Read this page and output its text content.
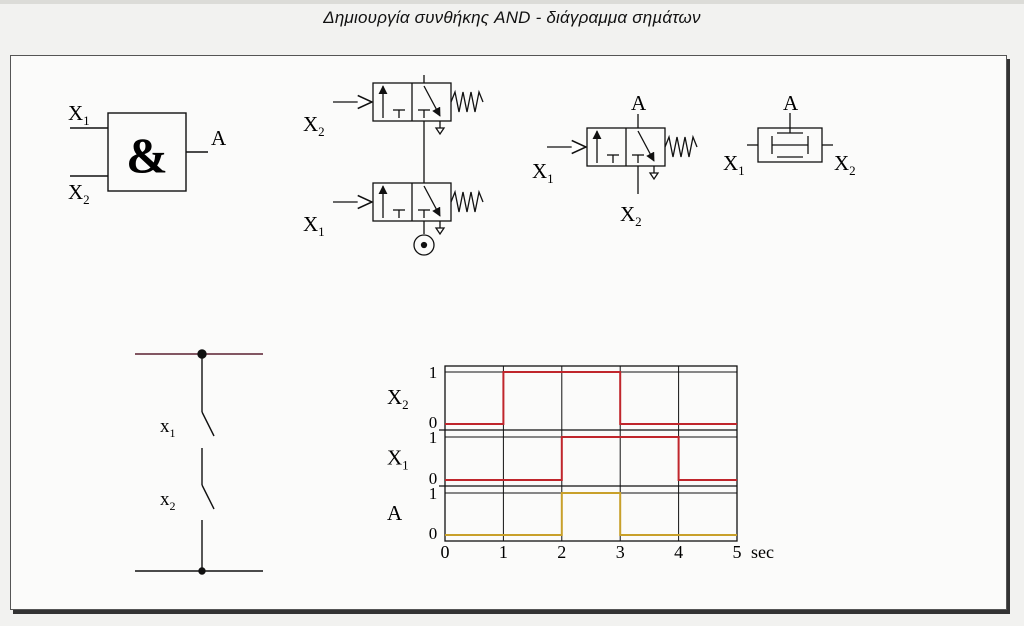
Δημιουργία συνθήκης AND - διάγραμμα σηµάτων
&
$X_1$
$X_2$
A
$X_2$
$X_1$
A
$X_1$
$X_2$
A
$X_1$	$X_2$
$x_1$
$x_2$
1
0
$X_2$
1
0
$X_1$
1
0
A
0	1	2	3	4	5 sec
